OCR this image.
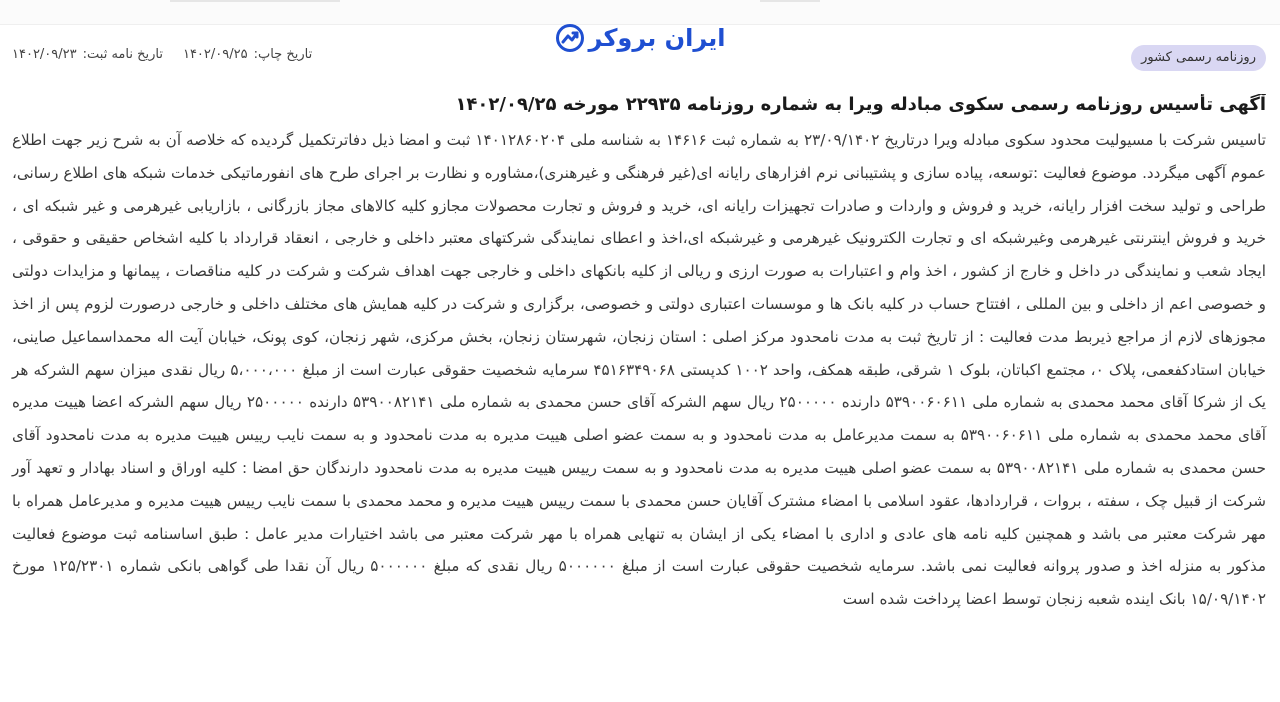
ایران بروکر
روزنامه رسمی کشور
تاریخ نامه ثبت:
۱۴۰۲/۰۹/۲۳	تاریخ چاپ:
۱۴۰۲/۰۹/۲۵
آگهی تأسیس روزنامه رسمی سکوی مبادله ویرا به شماره روزنامه ۲۲۹۳۵ مورخه ۱۴۰۲/۰۹/۲۵

تاسیس شرکت با مسیولیت محدود سکوی مبادله ویرا درتاریخ ۲۳/۰۹/۱۴۰۲ به شماره ثبت ۱۴۶۱۶ به شناسه ملی ۱۴۰۱۲۸۶۰۲۰۴ ثبت و امضا ذیل دفاترتکمیل گردیده که خلاصه آن به شرح زیر جهت اطلاع عموم آگهی میگردد. موضوع فعالیت :توسعه، پیاده سازی و پشتیبانی نرم افزارهای رایانه ای(غیر فرهنگی و غیرهنری)،مشاوره و نظارت بر اجرای طرح های انفورماتیکی خدمات شبکه های اطلاع رسانی، طراحی و تولید سخت افزار رایانه، خرید و فروش و واردات و صادرات تجهیزات رایانه ای، خرید و فروش و تجارت محصولات مجازو کلیه کالاهای مجاز بازرگانی ، بازاریابی غیرهرمی و غیر شبکه ای ، خرید و فروش اینترنتی غیرهرمی وغیرشبکه ای و تجارت الکترونیک غیرهرمی و غیرشبکه ای،اخذ و اعطای نمایندگی شرکتهای معتبر داخلی و خارجی ، انعقاد قرارداد با کلیه اشخاص حقیقی و حقوقی ، ایجاد شعب و نمایندگی در داخل و خارج از کشور ، اخذ وام و اعتبارات به صورت ارزی و ریالی از کلیه بانکهای داخلی و خارجی جهت اهداف شرکت و شرکت در کلیه مناقصات ، پیمانها و مزایدات دولتی و خصوصی اعم از داخلی و بین المللی ، افتتاح حساب در کلیه بانک ها و موسسات اعتباری دولتی و خصوصی، برگزاری و شرکت در کلیه همایش های مختلف داخلی و خارجی درصورت لزوم پس از اخذ مجوزهای لازم از مراجع ذیربط مدت فعالیت : از تاریخ ثبت به مدت نامحدود مرکز اصلی : استان زنجان، شهرستان زنجان، بخش مرکزی، شهر زنجان، کوی پونک، خیابان آیت اله محمداسماعیل صاینی، خیابان استادکفعمی، پلاک ۰، مجتمع اکباتان، بلوک ۱ شرقی، طبقه همکف، واحد ۱۰۰۲ کدپستی ۴۵۱۶۳۴۹۰۶۸ سرمایه شخصیت حقوقی عبارت است از مبلغ ۵،۰۰۰،۰۰۰ ریال نقدی میزان سهم الشرکه هر یک از شرکا آقای محمد محمدی به شماره ملی ۵۳۹۰۰۶۰۶۱۱ دارنده ۲۵۰۰۰۰۰ ریال سهم الشرکه آقای حسن محمدی به شماره ملی ۵۳۹۰۰۸۲۱۴۱ دارنده ۲۵۰۰۰۰۰ ریال سهم الشرکه اعضا هییت مدیره آقای محمد محمدی به شماره ملی ۵۳۹۰۰۶۰۶۱۱ به سمت مدیرعامل به مدت نامحدود و به سمت عضو اصلی هییت مدیره به مدت نامحدود و به سمت نایب رییس هییت مدیره به مدت نامحدود آقای حسن محمدی به شماره ملی ۵۳۹۰۰۸۲۱۴۱ به سمت عضو اصلی هییت مدیره به مدت نامحدود و به سمت رییس هییت مدیره به مدت نامحدود دارندگان حق امضا : کلیه اوراق و اسناد بهادار و تعهد آور شرکت از قبیل چک ، سفته ، بروات ، قراردادها، عقود اسلامی با امضاء مشترک آقایان حسن محمدی با سمت رییس هییت مدیره و محمد محمدی با سمت نایب رییس هییت مدیره و مدیرعامل همراه با مهر شرکت معتبر می باشد و همچنین کلیه نامه های عادی و اداری با امضاء یکی از ایشان به تنهایی همراه با مهر شرکت معتبر می باشد اختیارات مدیر عامل : طبق اساسنامه ثبت موضوع فعالیت مذکور به منزله اخذ و صدور پروانه فعالیت نمی باشد. سرمایه شخصیت حقوقی عبارت است از مبلغ ۵۰۰۰۰۰۰ ریال نقدی که مبلغ ۵۰۰۰۰۰۰ ریال آن نقدا طی گواهی بانکی شماره ۱۲۵/۲۳۰۱ مورخ ۱۵/۰۹/۱۴۰۲ بانک اینده شعبه زنجان توسط اعضا پرداخت شده است
